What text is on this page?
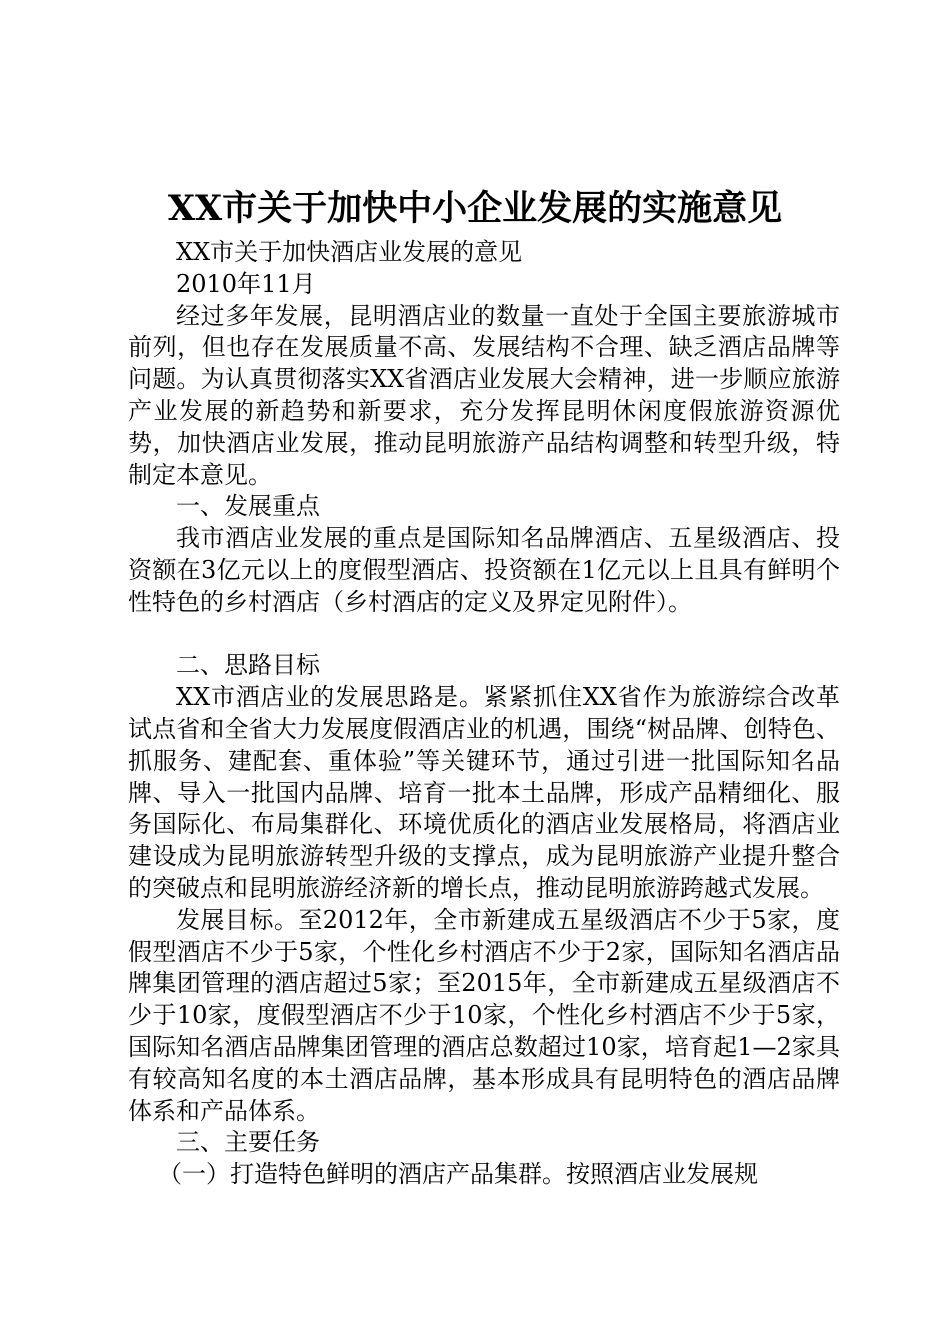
XX市关于加快中小企业发展的实施意见

XX市关于加快酒店业发展的意见

2010年11月

经过多年发展，昆明酒店业的数量一直处于全国主要旅游城市前列，但也存在发展质量不高、发展结构不合理、缺乏酒店品牌等问题。为认真贯彻落实XX省酒店业发展大会精神，进一步顺应旅游产业发展的新趋势和新要求，充分发挥昆明休闲度假旅游资源优势，加快酒店业发展，推动昆明旅游产品结构调整和转型升级，特制定本意见。

一、发展重点

我市酒店业发展的重点是国际知名品牌酒店、五星级酒店、投资额在3亿元以上的度假型酒店、投资额在1亿元以上且具有鲜明个性特色的乡村酒店（乡村酒店的定义及界定见附件）。

二、思路目标

XX市酒店业的发展思路是。紧紧抓住XX省作为旅游综合改革试点省和全省大力发展度假酒店业的机遇，围绕“树品牌、创特色、抓服务、建配套、重体验”等关键环节，通过引进一批国际知名品牌、导入一批国内品牌、培育一批本土品牌，形成产品精细化、服务国际化、布局集群化、环境优质化的酒店业发展格局，将酒店业建设成为昆明旅游转型升级的支撑点，成为昆明旅游产业提升整合的突破点和昆明旅游经济新的增长点，推动昆明旅游跨越式发展。

发展目标。至2012年，全市新建成五星级酒店不少于5家，度假型酒店不少于5家，个性化乡村酒店不少于2家，国际知名酒店品牌集团管理的酒店超过5家；至2015年，全市新建成五星级酒店不少于10家，度假型酒店不少于10家，个性化乡村酒店不少于5家，国际知名酒店品牌集团管理的酒店总数超过10家，培育起1—2家具有较高知名度的本土酒店品牌，基本形成具有昆明特色的酒店品牌体系和产品体系。

三、主要任务

（一）打造特色鲜明的酒店产品集群。按照酒店业发展规
